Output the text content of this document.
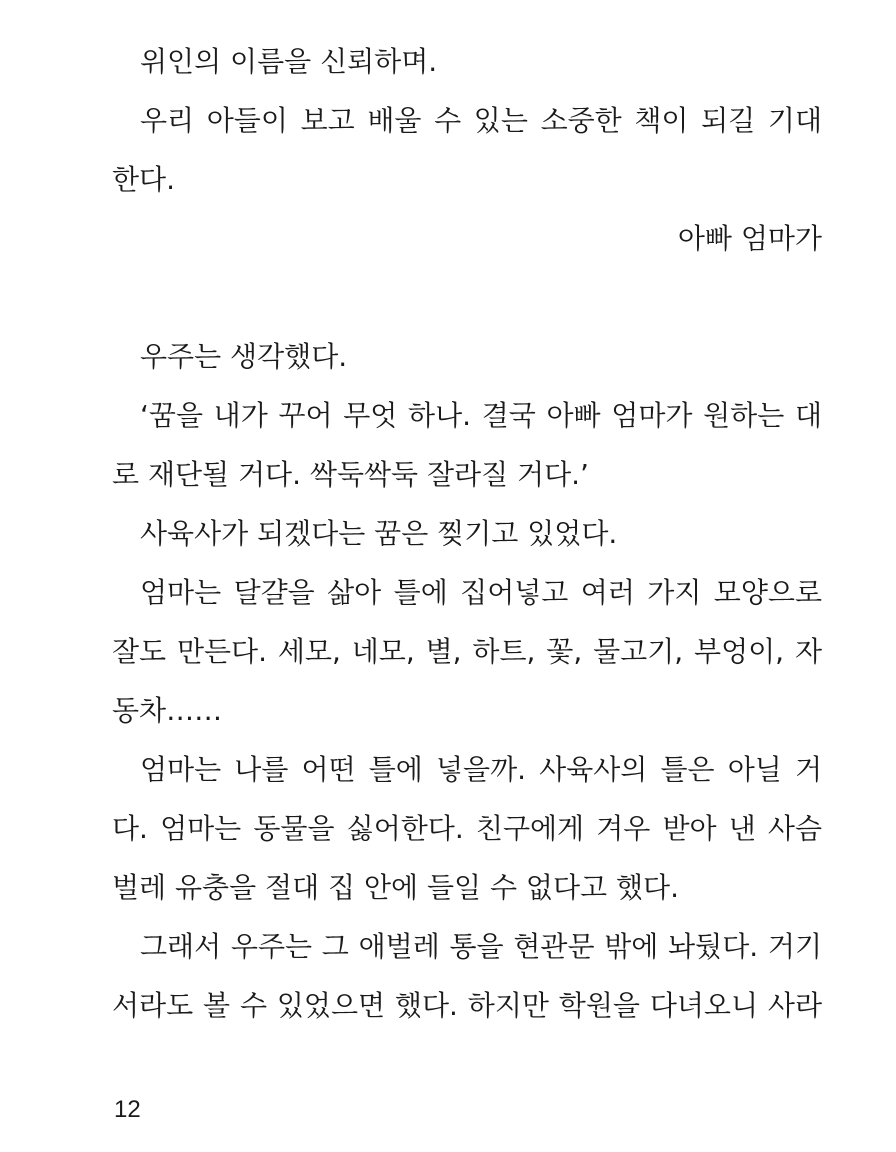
위인의 이름을 신뢰하며.
우리 아들이 보고 배울 수 있는 소중한 책이 되길 기대
한다.
아빠 엄마가
우주는 생각했다.
‘꿈을 내가 꾸어 무엇 하나. 결국 아빠 엄마가 원하는 대
로 재단될 거다. 싹둑싹둑 잘라질 거다.’
사육사가 되겠다는 꿈은 찢기고 있었다.
엄마는 달걀을 삶아 틀에 집어넣고 여러 가지 모양으로
잘도 만든다. 세모, 네모, 별, 하트, 꽃, 물고기, 부엉이, 자
동차……
엄마는 나를 어떤 틀에 넣을까. 사육사의 틀은 아닐 거
다. 엄마는 동물을 싫어한다. 친구에게 겨우 받아 낸 사슴
벌레 유충을 절대 집 안에 들일 수 없다고 했다.
그래서 우주는 그 애벌레 통을 현관문 밖에 놔뒀다. 거기
서라도 볼 수 있었으면 했다. 하지만 학원을 다녀오니 사라
12
